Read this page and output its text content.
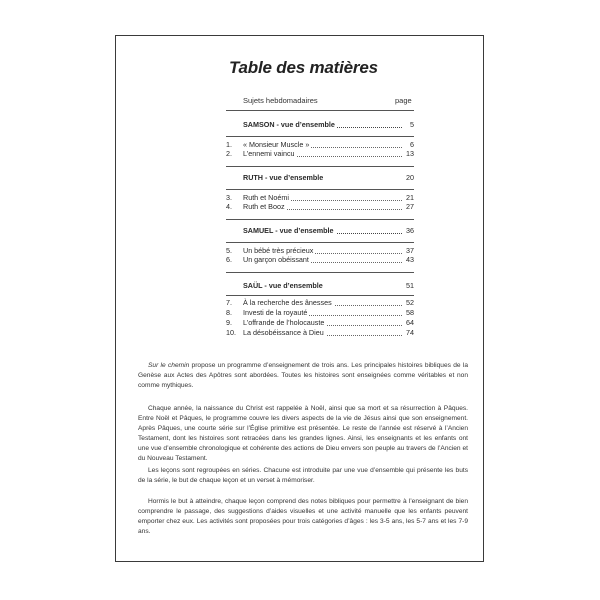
Table des matières
Sujets hebdomadaires	page
SAMSON - vue d’ensemble	5
1.	« Monsieur Muscle »	6
2.	L’ennemi vaincu	13
RUTH - vue d’ensemble	20
3.	Ruth et Noémi	21
4.	Ruth et Booz	27
SAMUEL - vue d’ensemble	36
5.	Un bébé très précieux	37
6.	Un garçon obéissant	43
SAÜL - vue d’ensemble	51
7.	À la recherche des ânesses	52
8.	Investi de la royauté	58
9.	L’offrande de l’holocauste	64
10. La désobéissance à Dieu	74

Sur le chemin propose un programme d’enseignement de trois ans. Les principales histoires bibliques de la Genèse aux Actes des Apôtres sont abordées. Toutes les histoires sont enseignées comme véritables et non comme mythiques.

Chaque année, la naissance du Christ est rappelée à Noël, ainsi que sa mort et sa résurrection à Pâques. Entre Noël et Pâques, le programme couvre les divers aspects de la vie de Jésus ainsi que son enseignement. Après Pâques, une courte série sur l’Église primitive est présentée. Le reste de l’année est réservé à l’Ancien Testament, dont les histoires sont retracées dans les grandes lignes. Ainsi, les enseignants et les enfants ont une vue d’ensemble chronologique et cohérente des actions de Dieu envers son peuple au travers de l’Ancien et du Nouveau Testament.

Les leçons sont regroupées en séries. Chacune est introduite par une vue d’ensemble qui présente les buts de la série, le but de chaque leçon et un verset à mémoriser.

Hormis le but à atteindre, chaque leçon comprend des notes bibliques pour permettre à l’enseignant de bien comprendre le passage, des suggestions d’aides visuelles et une activité manuelle que les enfants peuvent emporter chez eux. Les activités sont proposées pour trois catégories d’âges : les 3-5 ans, les 5-7 ans et les 7-9 ans.
